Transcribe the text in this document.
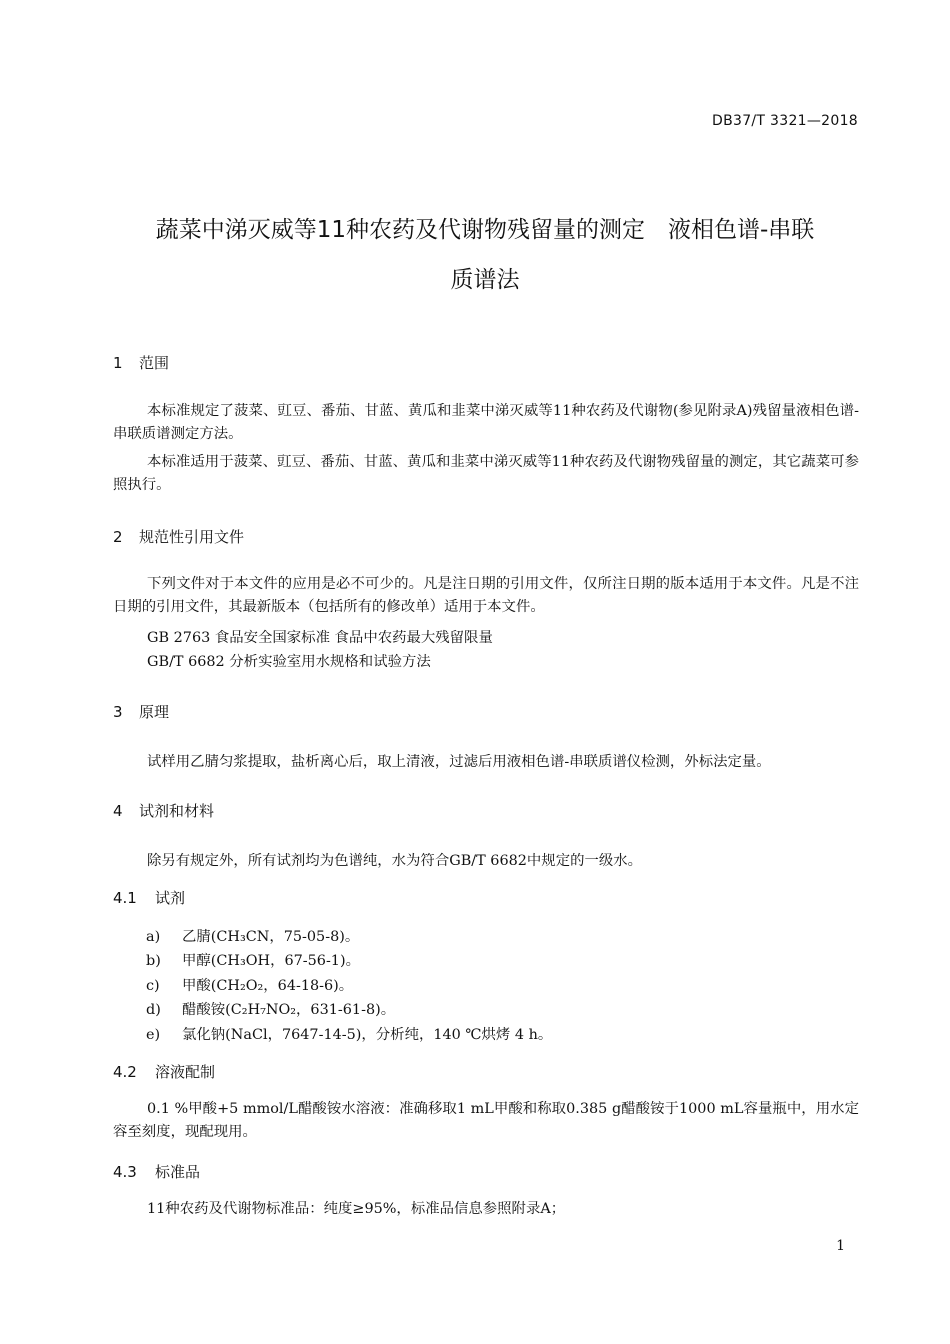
DB37/T 3321—2018
蔬菜中涕灭威等11种农药及代谢物残留量的测定　液相色谱-串联
质谱法
1 范围
本标准规定了菠菜、豇豆、番茄、甘蓝、黄瓜和韭菜中涕灭威等11种农药及代谢物(参见附录A)残留量液相色谱-串联质谱测定方法。
本标准适用于菠菜、豇豆、番茄、甘蓝、黄瓜和韭菜中涕灭威等11种农药及代谢物残留量的测定，其它蔬菜可参照执行。
2 规范性引用文件
下列文件对于本文件的应用是必不可少的。凡是注日期的引用文件，仅所注日期的版本适用于本文件。凡是不注日期的引用文件，其最新版本（包括所有的修改单）适用于本文件。
GB 2763 食品安全国家标准 食品中农药最大残留限量
GB/T 6682 分析实验室用水规格和试验方法
3 原理
试样用乙腈匀浆提取，盐析离心后，取上清液，过滤后用液相色谱-串联质谱仪检测，外标法定量。
4 试剂和材料
除另有规定外，所有试剂均为色谱纯，水为符合GB/T 6682中规定的一级水。
4.1 试剂
a) 乙腈(CH₃CN，75-05-8)。
b) 甲醇(CH₃OH，67-56-1)。
c) 甲酸(CH₂O₂，64-18-6)。
d) 醋酸铵(C₂H₇NO₂，631-61-8)。
e) 氯化钠(NaCl，7647-14-5)，分析纯，140 ℃烘烤 4 h。
4.2 溶液配制
0.1 %甲酸+5 mmol/L醋酸铵水溶液：准确移取1 mL甲酸和称取0.385 g醋酸铵于1000 mL容量瓶中，用水定容至刻度，现配现用。
4.3 标准品
11种农药及代谢物标准品：纯度≥95%，标准品信息参照附录A；
1
